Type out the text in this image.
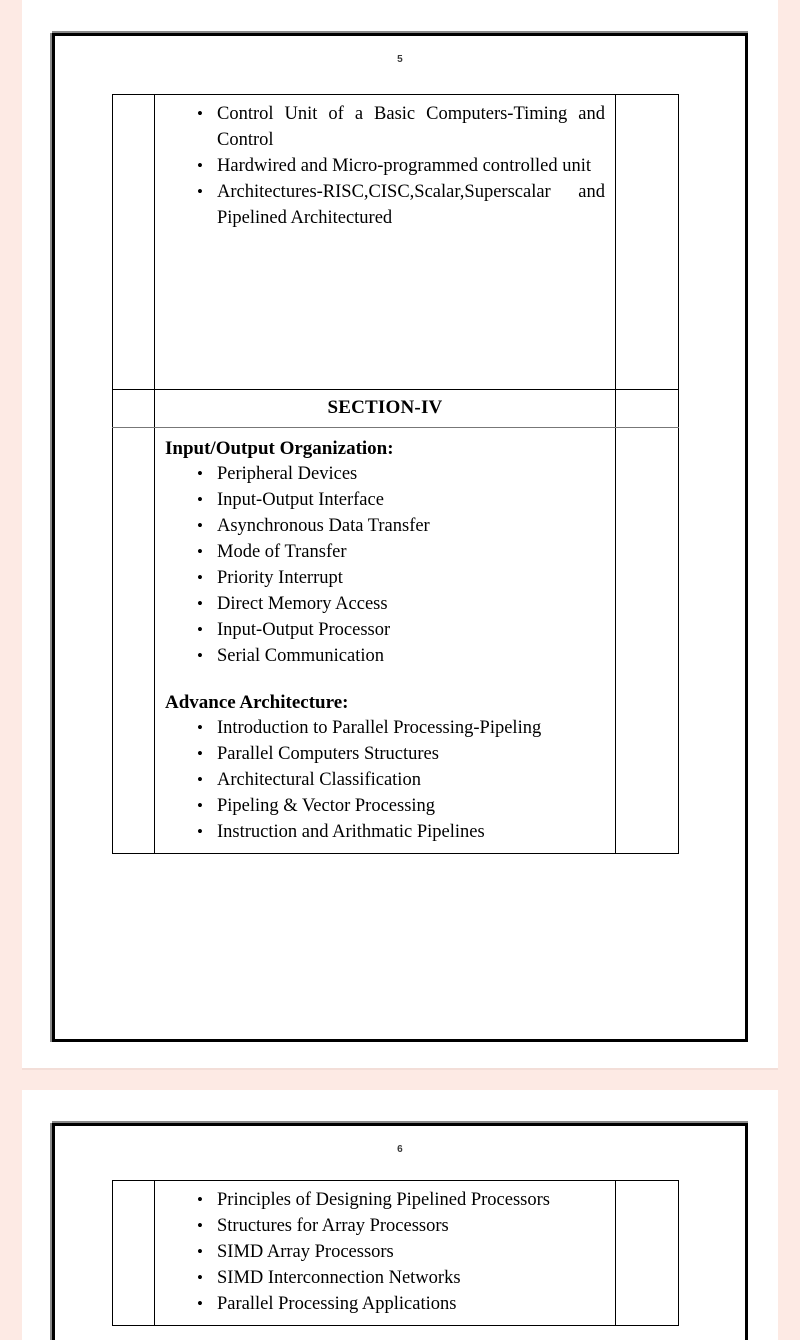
5

• Control Unit of a Basic Computers-Timing and Control
• Hardwired and Micro-programmed controlled unit
• Architectures-RISC,CISC,Scalar,Superscalar and Pipelined Architectured

	SECTION-IV	

Input/Output Organization:
• Peripheral Devices
• Input-Output Interface
• Asynchronous Data Transfer
• Mode of Transfer
• Priority Interrupt
• Direct Memory Access
• Input-Output Processor
• Serial Communication
Advance Architecture:
• Introduction to Parallel Processing-Pipeling
• Parallel Computers Structures
• Architectural Classification
• Pipeling & Vector Processing
• Instruction and Arithmatic Pipelines

6

• Principles of Designing Pipelined Processors
• Structures for Array Processors
• SIMD Array Processors
• SIMD Interconnection Networks
• Parallel Processing Applications
